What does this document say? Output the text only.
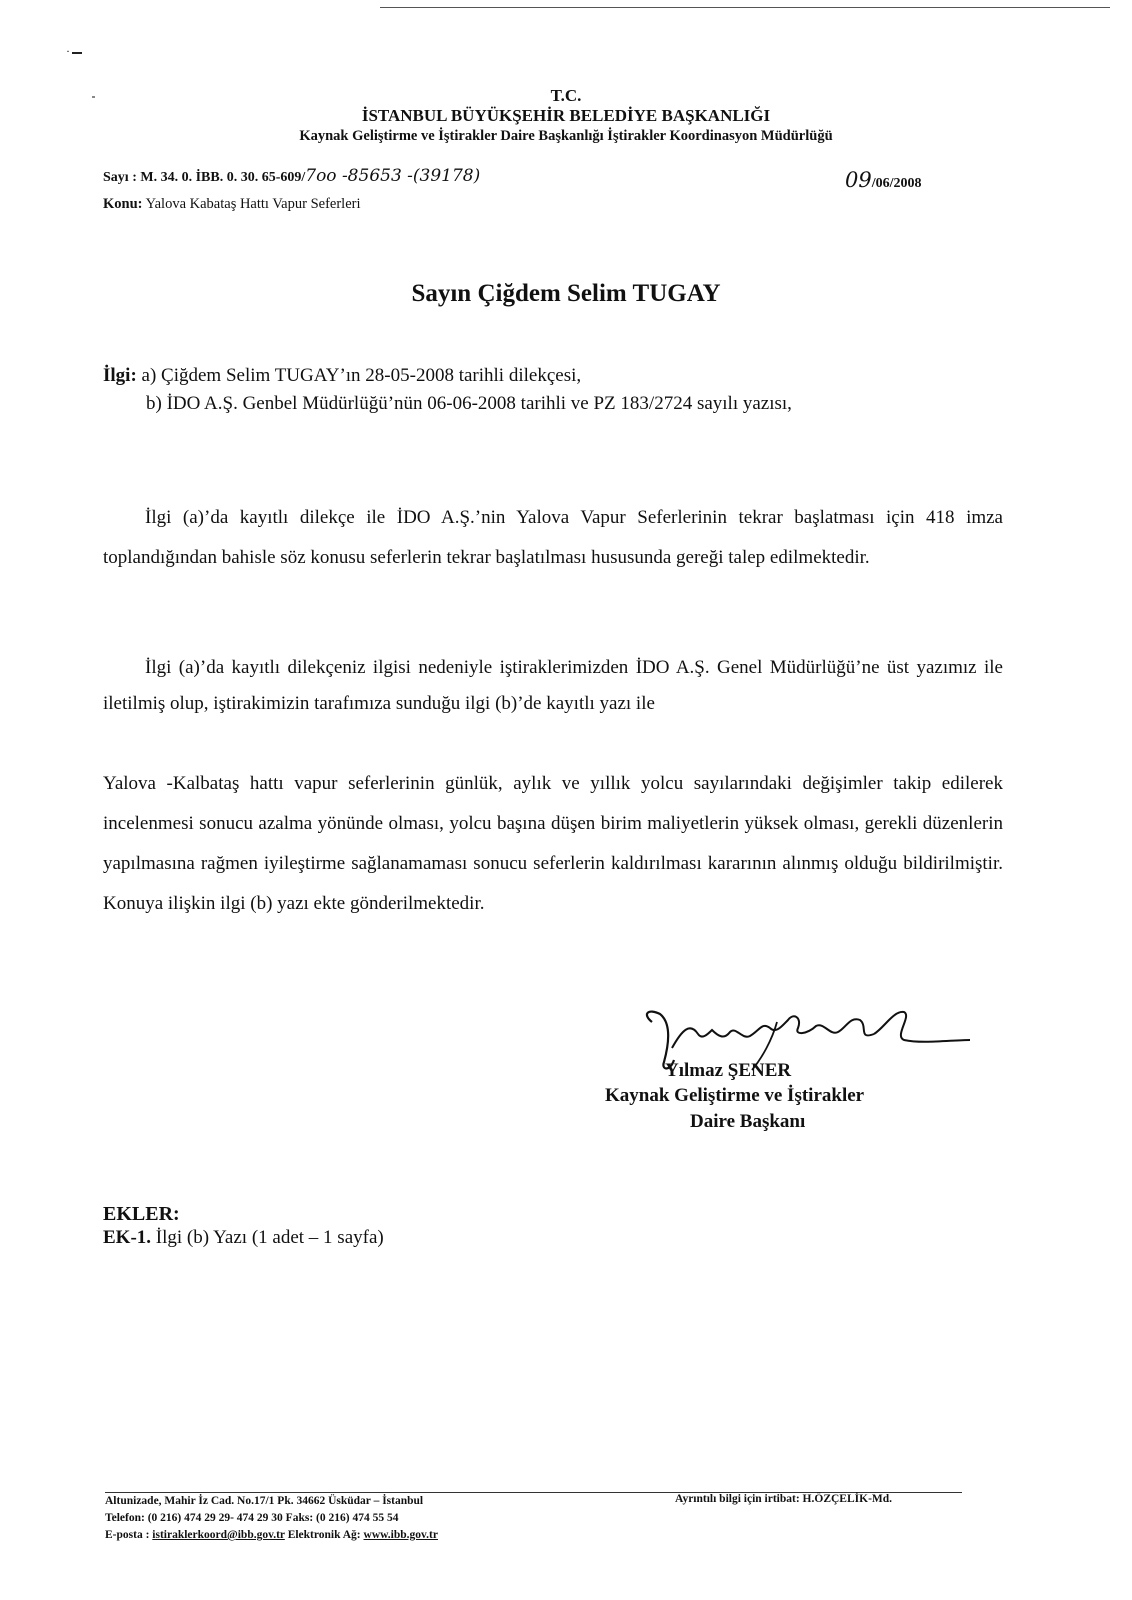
·
T.C.
İSTANBUL BÜYÜKŞEHİR BELEDİYE BAŞKANLIĞI
Kaynak Geliştirme ve İştirakler Daire Başkanlığı İştirakler Koordinasyon Müdürlüğü
Sayı : M. 34. 0. İBB. 0. 30. 65-609/7oo -85653 -(39178)	09/06/2008
Konu: Yalova Kabataş Hattı Vapur Seferleri
Sayın Çiğdem Selim TUGAY
İlgi: a) Çiğdem Selim TUGAY’ın 28-05-2008 tarihli dilekçesi,
b) İDO A.Ş. Genbel Müdürlüğü’nün 06-06-2008 tarihli ve PZ 183/2724 sayılı yazısı,
İlgi (a)’da kayıtlı dilekçe ile İDO A.Ş.’nin Yalova Vapur Seferlerinin tekrar başlatması için 418 imza toplandığından bahisle söz konusu seferlerin tekrar başlatılması hususunda gereği talep edilmektedir.
İlgi (a)’da kayıtlı dilekçeniz ilgisi nedeniyle iştiraklerimizden İDO A.Ş. Genel Müdürlüğü’ne üst yazımız ile iletilmiş olup, iştirakimizin tarafımıza sunduğu ilgi (b)’de kayıtlı yazı ile
Yalova -Kalbataş hattı vapur seferlerinin günlük, aylık ve yıllık yolcu sayılarındaki değişimler takip edilerek incelenmesi sonucu azalma yönünde olması, yolcu başına düşen birim maliyetlerin yüksek olması, gerekli düzenlerin yapılmasına rağmen iyileştirme sağlanamaması sonucu seferlerin kaldırılması kararının alınmış olduğu bildirilmiştir. Konuya ilişkin ilgi (b) yazı ekte gönderilmektedir.
Yılmaz ŞENER
Kaynak Geliştirme ve İştirakler
Daire Başkanı
EKLER:
EK-1. İlgi (b) Yazı (1 adet – 1 sayfa)
Altunizade, Mahir İz Cad. No.17/1 Pk. 34662 Üsküdar – İstanbul
Telefon: (0 216) 474 29 29- 474 29 30 Faks: (0 216) 474 55 54
E-posta : istiraklerkoord@ibb.gov.tr Elektronik Ağ: www.ibb.gov.tr
Ayrıntılı bilgi için irtibat: H.ÖZÇELİK-Md.
